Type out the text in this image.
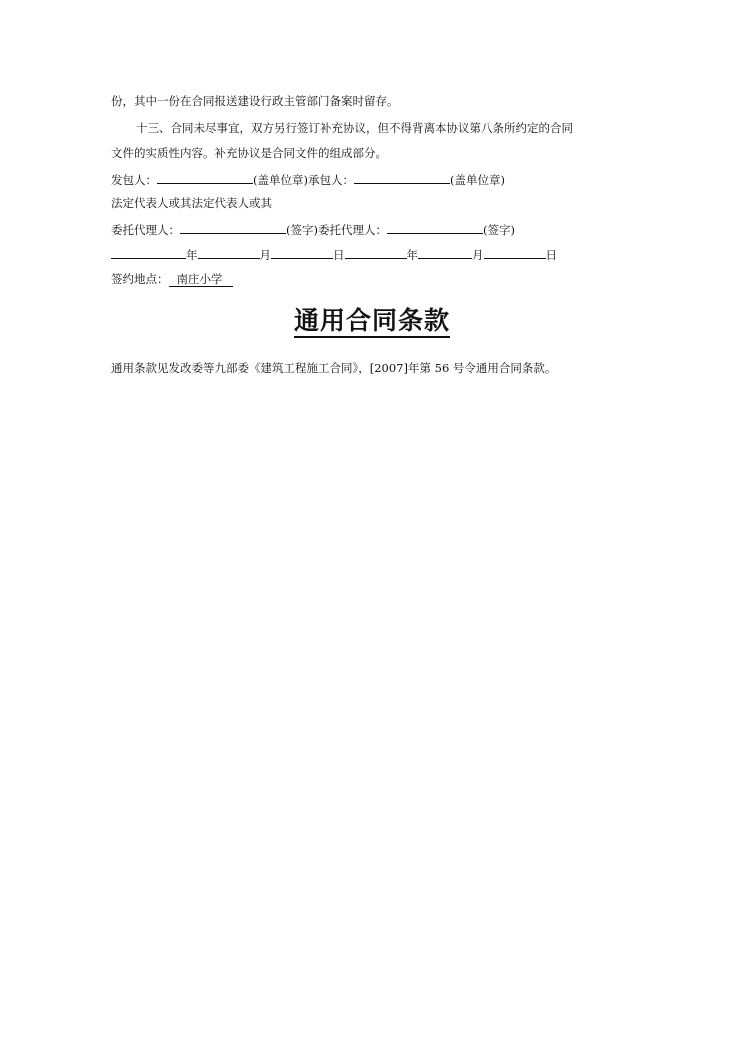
份，其中一份在合同报送建设行政主管部门备案时留存。
十三、合同未尽事宜，双方另行签订补充协议，但不得背离本协议第八条所约定的合同
文件的实质性内容。补充协议是合同文件的组成部分。
发包人：	(盖单位章)承包人：	(盖单位章)
法定代表人或其法定代表人或其
委托代理人：	(签字)委托代理人：	(签字)
年	月	日	年	月	日
签约地点： 南庄小学
通用合同条款
通用条款见发改委等九部委《建筑工程施工合同》，[2007]年第 56 号令通用合同条款。
